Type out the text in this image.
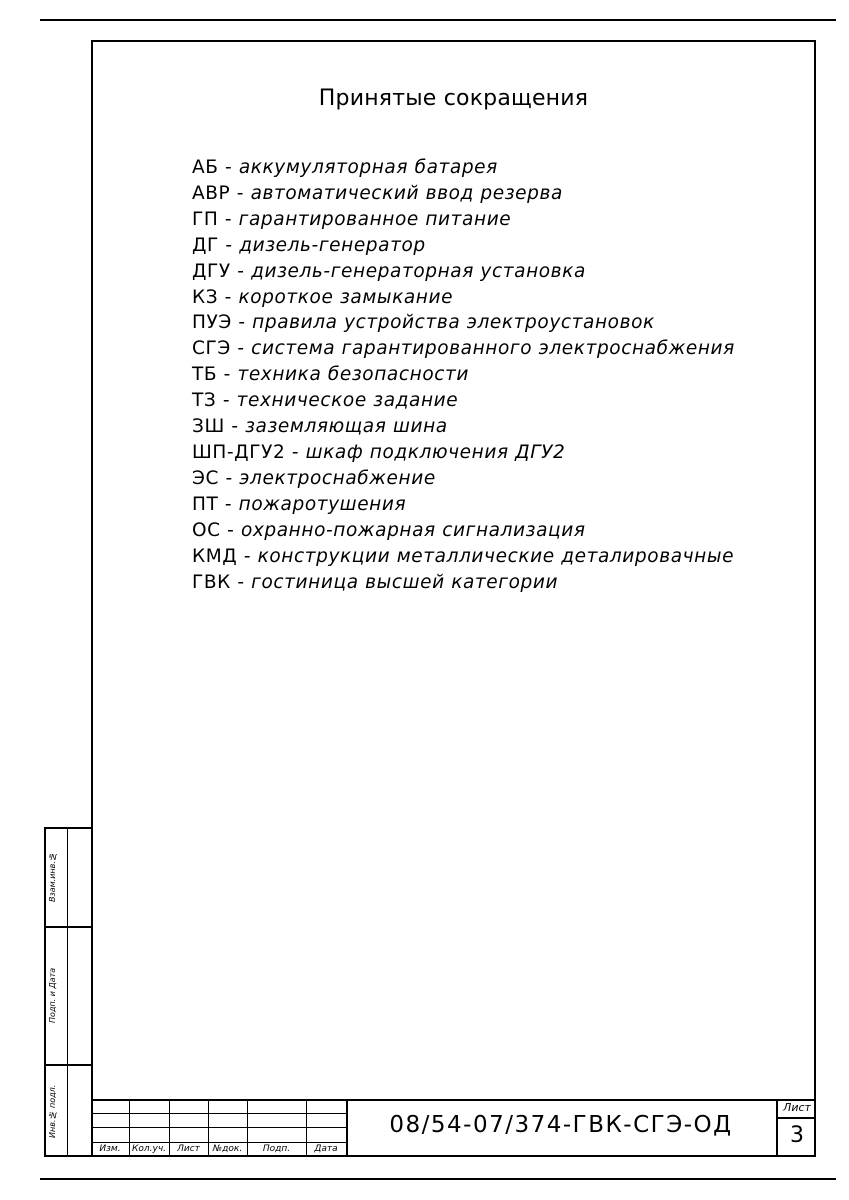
Принятые сокращения
АБ - аккумуляторная батарея
АВР - автоматический ввод резерва
ГП - гарантированное питание
ДГ - дизель-генератор
ДГУ - дизель-генераторная установка
КЗ - короткое замыкание
ПУЭ - правила устройства электроустановок
СГЭ - система гарантированного электроснабжения
ТБ - техника безопасности
ТЗ - техническое задание
ЗШ - заземляющая шина
ШП-ДГУ2 - шкаф подключения ДГУ2
ЭС - электроснабжение
ПТ - пожаротушения
ОС - охранно-пожарная сигнализация
КМД - конструкции металлические деталировачные
ГВК - гостиница высшей категории
Взам.инв.№
Подп. и Дата
Инв.№ подл.
Изм.	Кол.уч.	Лист	№док.	Подп.	Дата
08/54-07/374-ГВК-СГЭ-ОД
Лист
3
